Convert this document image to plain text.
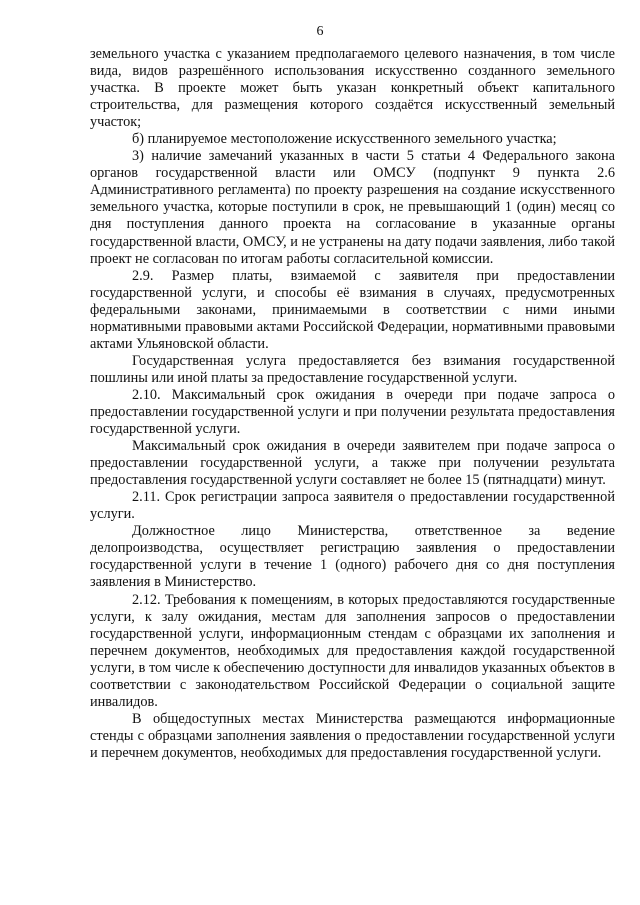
6

земельного участка с указанием предполагаемого целевого назначения, в том числе вида, видов разрешённого использования искусственно созданного земельного участка. В проекте может быть указан конкретный объект капитального строительства, для размещения которого создаётся искусственный земельный участок;

б) планируемое местоположение искусственного земельного участка;

3) наличие замечаний указанных в части 5 статьи 4 Федерального закона органов государственной власти или ОМСУ (подпункт 9 пункта 2.6 Административного регламента) по проекту разрешения на создание искусственного земельного участка, которые поступили в срок, не превышающий 1 (один) месяц со дня поступления данного проекта на согласование в указанные органы государственной власти, ОМСУ, и не устранены на дату подачи заявления, либо такой проект не согласован по итогам работы согласительной комиссии.

2.9. Размер платы, взимаемой с заявителя при предоставлении государственной услуги, и способы её взимания в случаях, предусмотренных федеральными законами, принимаемыми в соответствии с ними иными нормативными правовыми актами Российской Федерации, нормативными правовыми актами Ульяновской области.

Государственная услуга предоставляется без взимания государственной пошлины или иной платы за предоставление государственной услуги.

2.10. Максимальный срок ожидания в очереди при подаче запроса о предоставлении государственной услуги и при получении результата предоставления государственной услуги.

Максимальный срок ожидания в очереди заявителем при подаче запроса о предоставлении государственной услуги, а также при получении результата предоставления государственной услуги составляет не более 15 (пятнадцати) минут.

2.11. Срок регистрации запроса заявителя о предоставлении государственной услуги.

Должностное лицо Министерства, ответственное за ведение делопроизводства, осуществляет регистрацию заявления о предоставлении государственной услуги в течение 1 (одного) рабочего дня со дня поступления заявления в Министерство.

2.12. Требования к помещениям, в которых предоставляются государственные услуги, к залу ожидания, местам для заполнения запросов о предоставлении государственной услуги, информационным стендам с образцами их заполнения и перечнем документов, необходимых для предоставления каждой государственной услуги, в том числе к обеспечению доступности для инвалидов указанных объектов в соответствии с законодательством Российской Федерации о социальной защите инвалидов.

В общедоступных местах Министерства размещаются информационные стенды с образцами заполнения заявления о предоставлении государственной услуги и перечнем документов, необходимых для предоставления государственной услуги.
